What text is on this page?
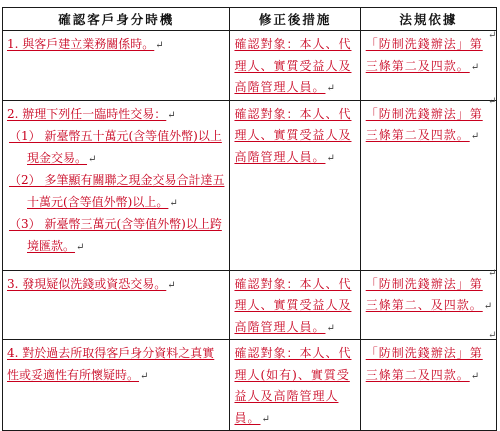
確認客戶身分時機	修正後措施	法規依據

1. 與客戶建立業務關係時。↵	確認對象：本人、代理人、實質受益人及高階管理人員。↵	「防制洗錢辦法」第三條第二及四款。↵

2. 辦理下列任一臨時性交易：↵
（1） 新臺幣五十萬元(含等值外幣)以上現金交易。↵
（2） 多筆顯有關聯之現金交易合計達五十萬元(含等值外幣)以上。↵
（3） 新臺幣三萬元(含等值外幣)以上跨境匯款。↵	確認對象：本人、代理人、實質受益人及高階管理人員。↵	「防制洗錢辦法」第三條第二及四款。↵

3. 發現疑似洗錢或資恐交易。↵	確認對象：本人、代理人、實質受益人及高階管理人員。↵	「防制洗錢辦法」第三條第二、及四款。↵

4. 對於過去所取得客戶身分資料之真實性或妥適性有所懷疑時。↵	確認對象：本人、代理人(如有)、實質受益人及高階管理人員。↵	「防制洗錢辦法」第三條第二及四款。↵
↵
↵
↵
↵
